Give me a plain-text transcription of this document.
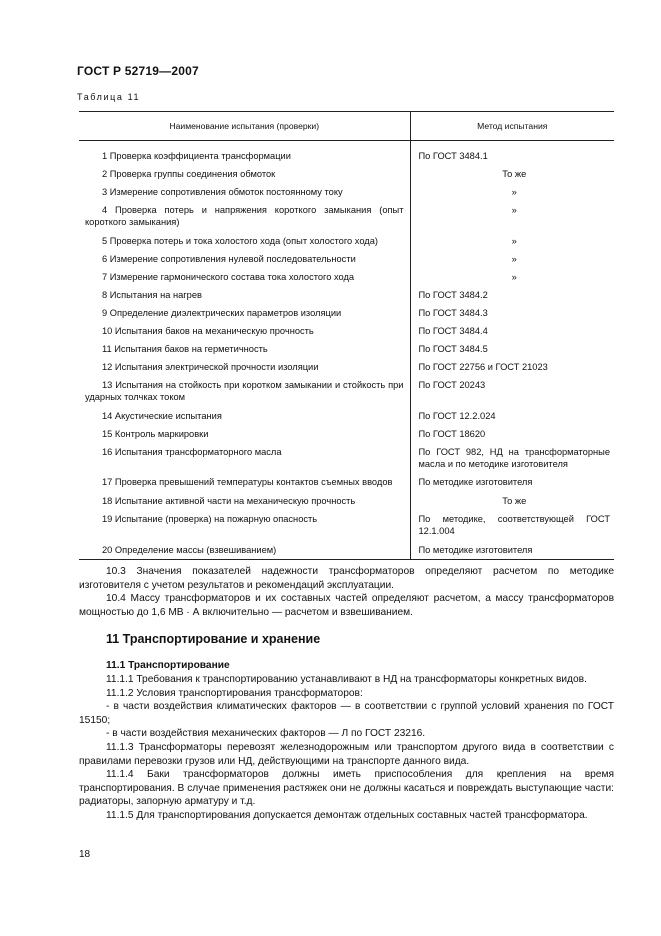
ГОСТ Р 52719—2007
Таблица 11
Наименование испытания (проверки)	Метод испытания
1 Проверка коэффициента трансформации	По ГОСТ 3484.1
2 Проверка группы соединения обмоток	То же
3 Измерение сопротивления обмоток постоянному току	»

4 Проверка потерь и напряжения короткого замыкания (опыт короткого замыкания)	»
5 Проверка потерь и тока холостого хода (опыт холостого хода)	»
6 Измерение сопротивления нулевой последовательности	»
7 Измерение гармонического состава тока холостого хода	»
8 Испытания на нагрев	По ГОСТ 3484.2
9 Определение диэлектрических параметров изоляции	По ГОСТ 3484.3
10 Испытания баков на механическую прочность	По ГОСТ 3484.4
11 Испытания баков на герметичность	По ГОСТ 3484.5
12 Испытания электрической прочности изоляции	По ГОСТ 22756 и ГОСТ 21023

13 Испытания на стойкость при коротком замыкании и стойкость при ударных толчках током	По ГОСТ 20243
14 Акустические испытания	По ГОСТ 12.2.024
15 Контроль маркировки	По ГОСТ 18620
16 Испытания трансформаторного масла	По ГОСТ 982, НД на трансформаторные масла и по методике изготовителя

17 Проверка превышений температуры контактов съемных вводов	По методике изготовителя
18 Испытание активной части на механическую прочность	То же
19 Испытание (проверка) на пожарную опасность	По методике, соответствующей ГОСТ 12.1.004
20 Определение массы (взвешиванием)	По методике изготовителя

10.3 Значения показателей надежности трансформаторов определяют расчетом по методике изготовителя с учетом результатов и рекомендаций эксплуатации.

10.4 Массу трансформаторов и их составных частей определяют расчетом, а массу трансформаторов мощностью до 1,6 МВ · А включительно — расчетом и взвешиванием.

11 Транспортирование и хранение
11.1 Транспортирование

11.1.1 Требования к транспортированию устанавливают в НД на трансформаторы конкретных видов.

11.1.2 Условия транспортирования трансформаторов:

- в части воздействия климатических факторов — в соответствии с группой условий хранения по ГОСТ 15150;

- в части воздействия механических факторов — Л по ГОСТ 23216.

11.1.3 Трансформаторы перевозят железнодорожным или транспортом другого вида в соответствии с правилами перевозки грузов или НД, действующими на транспорте данного вида.

11.1.4 Баки трансформаторов должны иметь приспособления для крепления на время транспортирования. В случае применения растяжек они не должны касаться и повреждать выступающие части: радиаторы, запорную арматуру и т.д.

11.1.5 Для транспортирования допускается демонтаж отдельных составных частей трансформатора.

18
